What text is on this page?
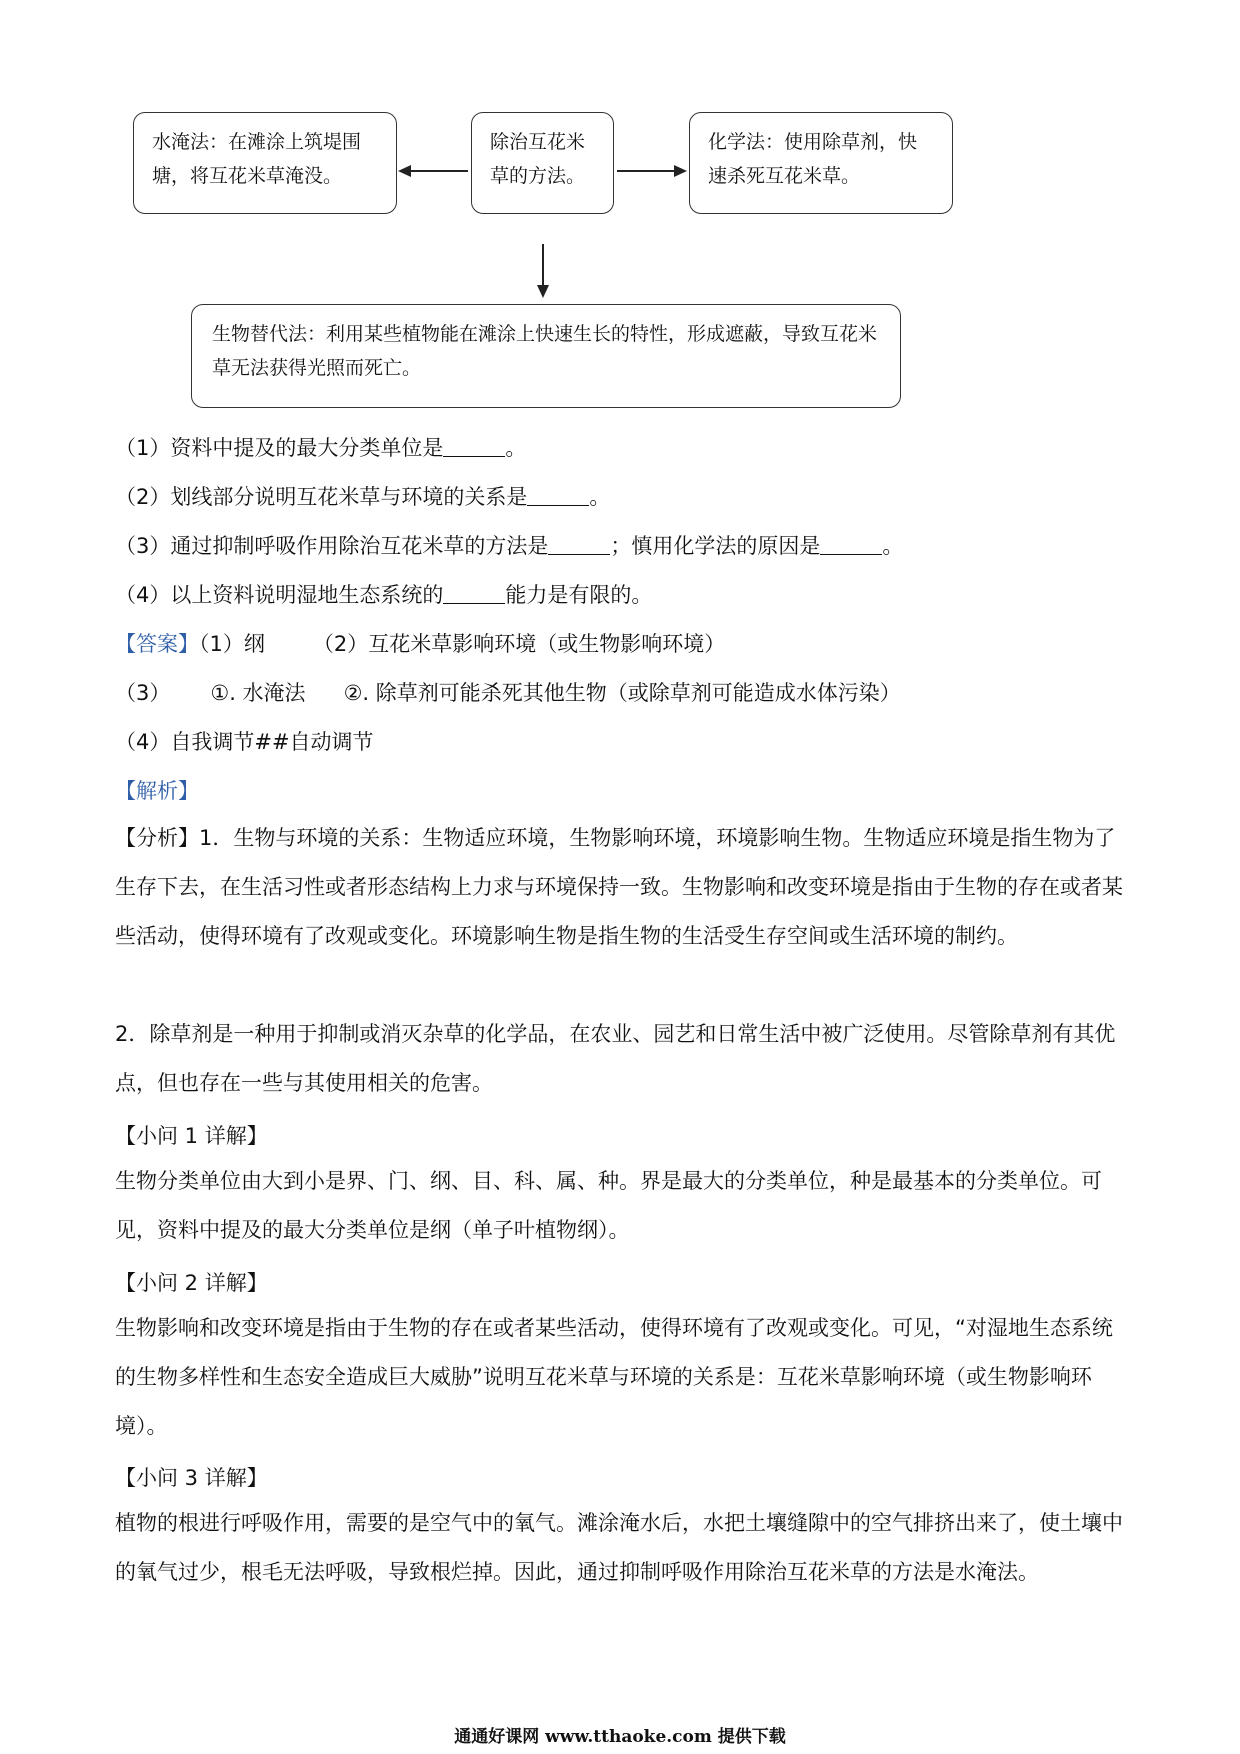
水淹法：在滩涂上筑堤围塘，将互花米草淹没。
除治互花米草的方法。
化学法：使用除草剂，快速杀死互花米草。
生物替代法：利用某些植物能在滩涂上快速生长的特性，形成遮蔽，导致互花米草无法获得光照而死亡。
（1）资料中提及的最大分类单位是	。
（2）划线部分说明互花米草与环境的关系是	。
（3）通过抑制呼吸作用除治互花米草的方法是	；慎用化学法的原因是	。
（4）以上资料说明湿地生态系统的	能力是有限的。
【答案】（1）纲 （2）互花米草影响环境（或生物影响环境）
（3） ①. 水淹法 ②. 除草剂可能杀死其他生物（或除草剂可能造成水体污染）
（4）自我调节##自动调节
【解析】
【分析】1．生物与环境的关系：生物适应环境，生物影响环境，环境影响生物。生物适应环境是指生物为了生存下去，在生活习性或者形态结构上力求与环境保持一致。生物影响和改变环境是指由于生物的存在或者某些活动，使得环境有了改观或变化。环境影响生物是指生物的生活受生存空间或生活环境的制约。
2．除草剂是一种用于抑制或消灭杂草的化学品，在农业、园艺和日常生活中被广泛使用。尽管除草剂有其优点，但也存在一些与其使用相关的危害。
【小问 1 详解】
生物分类单位由大到小是界、门、纲、目、科、属、种。界是最大的分类单位，种是最基本的分类单位。可见，资料中提及的最大分类单位是纲（单子叶植物纲）。
【小问 2 详解】
生物影响和改变环境是指由于生物的存在或者某些活动，使得环境有了改观或变化。可见，“对湿地生态系统的生物多样性和生态安全造成巨大威胁”说明互花米草与环境的关系是：互花米草影响环境（或生物影响环境）。
【小问 3 详解】
植物的根进行呼吸作用，需要的是空气中的氧气。滩涂淹水后，水把土壤缝隙中的空气排挤出来了，使土壤中的氧气过少，根毛无法呼吸，导致根烂掉。因此，通过抑制呼吸作用除治互花米草的方法是水淹法。
通通好课网 www.tthaoke.com 提供下载
